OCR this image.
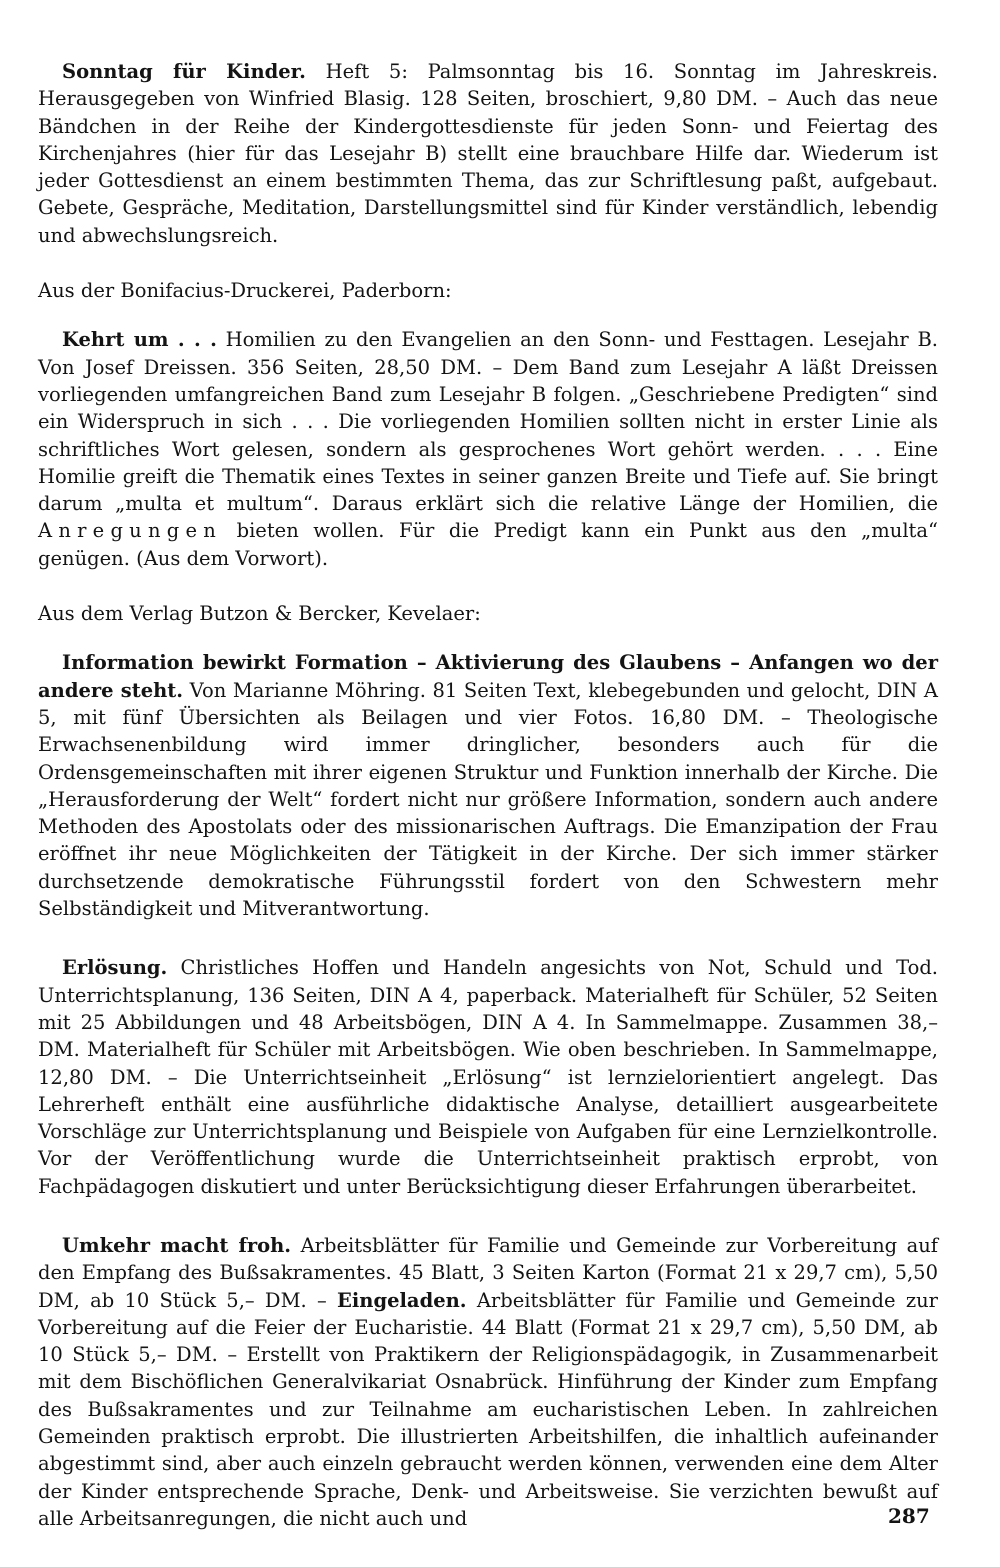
Sonntag für Kinder. Heft 5: Palmsonntag bis 16. Sonntag im Jahreskreis. Herausgegeben von Winfried Blasig. 128 Seiten, broschiert, 9,80 DM. – Auch das neue Bändchen in der Reihe der Kindergottesdienste für jeden Sonn- und Feiertag des Kirchenjahres (hier für das Lesejahr B) stellt eine brauchbare Hilfe dar. Wiederum ist jeder Gottesdienst an einem bestimmten Thema, das zur Schriftlesung paßt, aufgebaut. Gebete, Gespräche, Meditation, Darstellungsmittel sind für Kinder verständlich, lebendig und abwechslungsreich.

Aus der Bonifacius-Druckerei, Paderborn:

Kehrt um . . . Homilien zu den Evangelien an den Sonn- und Festtagen. Lesejahr B. Von Josef Dreissen. 356 Seiten, 28,50 DM. – Dem Band zum Lesejahr A läßt Dreissen vorliegenden umfangreichen Band zum Lesejahr B folgen. „Geschriebene Predigten“ sind ein Widerspruch in sich . . . Die vorliegenden Homilien sollten nicht in erster Linie als schriftliches Wort gelesen, sondern als gesprochenes Wort gehört werden. . . . Eine Homilie greift die Thematik eines Textes in seiner ganzen Breite und Tiefe auf. Sie bringt darum „multa et multum“. Daraus erklärt sich die relative Länge der Homilien, die Anregungen bieten wollen. Für die Predigt kann ein Punkt aus den „multa“ genügen. (Aus dem Vorwort).

Aus dem Verlag Butzon & Bercker, Kevelaer:

Information bewirkt Formation – Aktivierung des Glaubens – Anfangen wo der andere steht. Von Marianne Möhring. 81 Seiten Text, klebegebunden und gelocht, DIN A 5, mit fünf Übersichten als Beilagen und vier Fotos. 16,80 DM. – Theologische Erwachsenenbildung wird immer dringlicher, besonders auch für die Ordensgemeinschaften mit ihrer eigenen Struktur und Funktion innerhalb der Kirche. Die „Herausforderung der Welt“ fordert nicht nur größere Information, sondern auch andere Methoden des Apostolats oder des missionarischen Auftrags. Die Emanzipation der Frau eröffnet ihr neue Möglichkeiten der Tätigkeit in der Kirche. Der sich immer stärker durchsetzende demokratische Führungsstil fordert von den Schwestern mehr Selbständigkeit und Mitverantwortung.

Erlösung. Christliches Hoffen und Handeln angesichts von Not, Schuld und Tod. Unterrichtsplanung, 136 Seiten, DIN A 4, paperback. Materialheft für Schüler, 52 Seiten mit 25 Abbildungen und 48 Arbeitsbögen, DIN A 4. In Sammelmappe. Zusammen 38,– DM. Materialheft für Schüler mit Arbeitsbögen. Wie oben beschrieben. In Sammelmappe, 12,80 DM. – Die Unterrichtseinheit „Erlösung“ ist lernzielorientiert angelegt. Das Lehrerheft enthält eine ausführliche didaktische Analyse, detailliert ausgearbeitete Vorschläge zur Unterrichtsplanung und Beispiele von Aufgaben für eine Lernzielkontrolle. Vor der Veröffentlichung wurde die Unterrichtseinheit praktisch erprobt, von Fachpädagogen diskutiert und unter Berücksichtigung dieser Erfahrungen überarbeitet.

Umkehr macht froh. Arbeitsblätter für Familie und Gemeinde zur Vorbereitung auf den Empfang des Bußsakramentes. 45 Blatt, 3 Seiten Karton (Format 21 x 29,7 cm), 5,50 DM, ab 10 Stück 5,– DM. – Eingeladen. Arbeitsblätter für Familie und Gemeinde zur Vorbereitung auf die Feier der Eucharistie. 44 Blatt (Format 21 x 29,7 cm), 5,50 DM, ab 10 Stück 5,– DM. – Erstellt von Praktikern der Religionspädagogik, in Zusammenarbeit mit dem Bischöflichen Generalvikariat Osnabrück. Hinführung der Kinder zum Empfang des Bußsakramentes und zur Teilnahme am eucharistischen Leben. In zahlreichen Gemeinden praktisch erprobt. Die illustrierten Arbeitshilfen, die inhaltlich aufeinander abgestimmt sind, aber auch einzeln gebraucht werden können, verwenden eine dem Alter der Kinder entsprechende Sprache, Denk- und Arbeitsweise. Sie verzichten bewußt auf alle Arbeitsanregungen, die nicht auch und	287
